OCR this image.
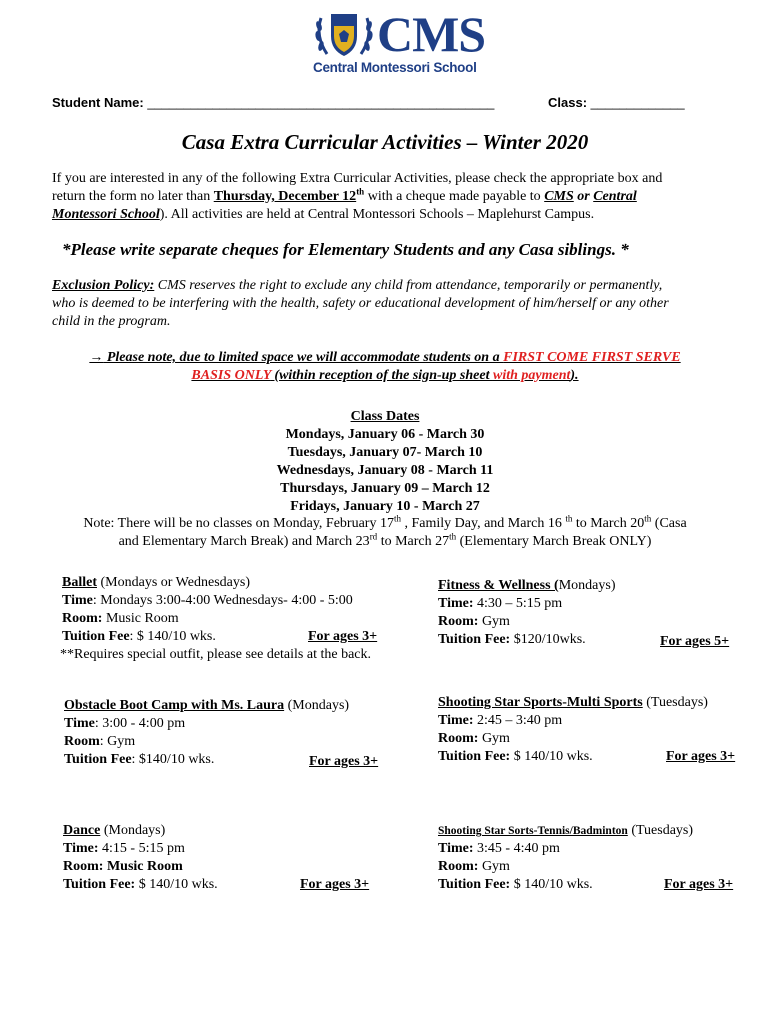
CMS
Central Montessori School
Student Name: ________________________________________________	Class: _____________
Casa Extra Curricular Activities – Winter 2020
If you are interested in any of the following Extra Curricular Activities, please check the appropriate box and
return the form no later than Thursday, December 12th with a cheque made payable to CMS or Central
Montessori School). All activities are held at Central Montessori Schools – Maplehurst Campus.
*Please write separate cheques for Elementary Students and any Casa siblings. *
Exclusion Policy: CMS reserves the right to exclude any child from attendance, temporarily or permanently,
who is deemed to be interfering with the health, safety or educational development of him/herself or any other
child in the program.
→ Please note, due to limited space we will accommodate students on a FIRST COME FIRST SERVE
BASIS ONLY (within reception of the sign-up sheet with payment).
Class Dates
Mondays, January 06 - March 30
Tuesdays, January 07- March 10
Wednesdays, January 08 - March 11
Thursdays, January 09 – March 12
Fridays, January 10 - March 27
Note: There will be no classes on Monday, February 17th , Family Day, and March 16 $^{th}$ to March 20th (Casa
and Elementary March Break) and March 23rd to March 27th (Elementary March Break ONLY)
Ballet (Mondays or Wednesdays)
Time: Mondays 3:00-4:00 Wednesdays- 4:00 - 5:00
Room: Music Room
Tuition Fee: $ 140/10 wks.	For ages 3+
**Requires special outfit, please see details at the back.
Fitness & Wellness (Mondays)
Time: 4:30 – 5:15 pm
Room: Gym
Tuition Fee: $120/10wks.	For ages 5+
Obstacle Boot Camp with Ms. Laura (Mondays)
Time: 3:00 - 4:00 pm
Room: Gym
Tuition Fee: $140/10 wks.	For ages 3+
Shooting Star Sports-Multi Sports (Tuesdays)
Time: 2:45 – 3:40 pm
Room: Gym
Tuition Fee: $ 140/10 wks.	For ages 3+
Dance (Mondays)
Time: 4:15 - 5:15 pm
Room: Music Room
Tuition Fee: $ 140/10 wks.	For ages 3+
Shooting Star Sorts-Tennis/Badminton (Tuesdays)
Time: 3:45 - 4:40 pm
Room: Gym
Tuition Fee: $ 140/10 wks.	For ages 3+
